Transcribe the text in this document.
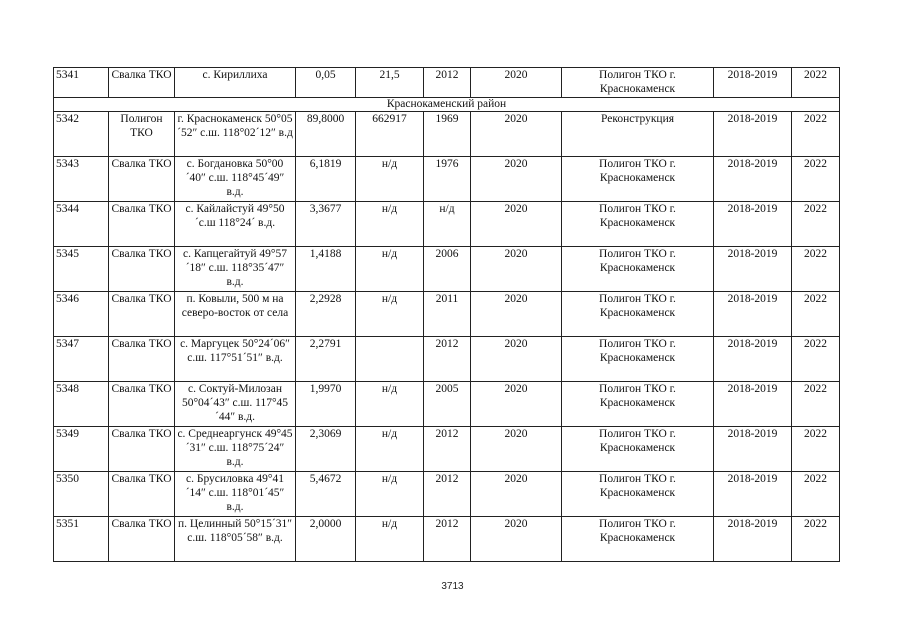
5341	Свалка ТКО	с. Кириллиха	0,05	21,5	2012	2020	Полигон ТКО г. Краснокаменск	2018-2019	2022
Краснокаменский район									
5342	Полигон ТКО	г. Краснокаменск 50°05´52″ с.ш. 118°02´12″ в.д	89,8000	662917	1969	2020	Реконструкция	2018-2019	2022
5343	Свалка ТКО	с. Богдановка 50°00´40″ с.ш. 118°45´49″ в.д.	6,1819	н/д	1976	2020	Полигон ТКО г. Краснокаменск	2018-2019	2022
5344	Свалка ТКО	с. Кайлайстуй 49°50´с.ш 118°24´ в.д.	3,3677	н/д	н/д	2020	Полигон ТКО г. Краснокаменск	2018-2019	2022
5345	Свалка ТКО	с. Капцегайтуй 49°57´18″ с.ш. 118°35´47″ в.д.	1,4188	н/д	2006	2020	Полигон ТКО г. Краснокаменск	2018-2019	2022
5346	Свалка ТКО	п. Ковыли, 500 м на северо-восток от села	2,2928	н/д	2011	2020	Полигон ТКО г. Краснокаменск	2018-2019	2022
5347	Свалка ТКО	с. Маргуцек 50°24´06″ с.ш. 117°51´51″ в.д.	2,2791		2012	2020	Полигон ТКО г. Краснокаменск	2018-2019	2022
5348	Свалка ТКО	с. Соктуй-Милозан 50°04´43″ с.ш. 117°45´44″ в.д.	1,9970	н/д	2005	2020	Полигон ТКО г. Краснокаменск	2018-2019	2022
5349	Свалка ТКО	с. Среднеаргунск 49°45´31″ с.ш. 118°75´24″ в.д.	2,3069	н/д	2012	2020	Полигон ТКО г. Краснокаменск	2018-2019	2022
5350	Свалка ТКО	с. Брусиловка 49°41´14″ с.ш. 118°01´45″ в.д.	5,4672	н/д	2012	2020	Полигон ТКО г. Краснокаменск	2018-2019	2022
5351	Свалка ТКО	п. Целинный 50°15´31″ с.ш. 118°05´58″ в.д.	2,0000	н/д	2012	2020	Полигон ТКО г. Краснокаменск	2018-2019	2022
3713
